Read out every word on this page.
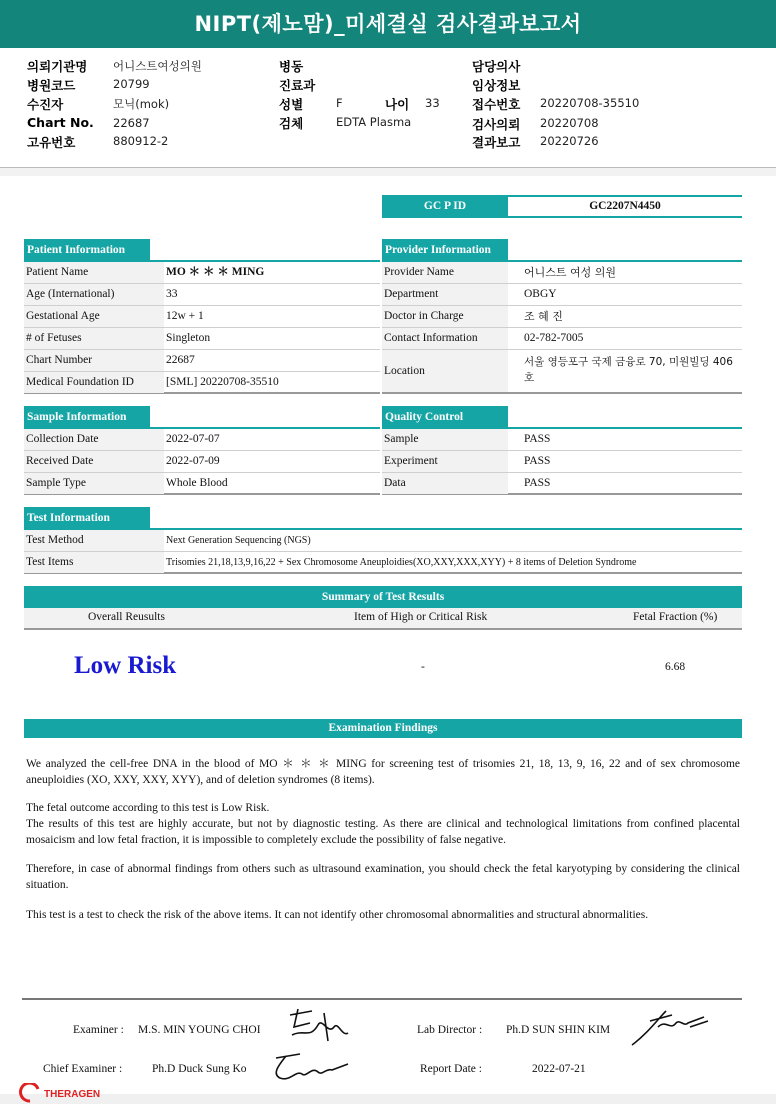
NIPT(제노맘)_미세결실 검사결과보고서
의뢰기관명 어니스트여성의원
병원코드	20799
수진자	모닉(mok)
Chart No. 22687
고유번호	880912-2
병동
진료과
성별	F	나이 33
검체	EDTA Plasma
담당의사
임상정보
접수번호 20220708-35510
검사의뢰 20220708
결과보고 20220726
GC P ID	GC2207N4450
Patient Information
Patient Name	MO ＊ ＊ ＊ MING
Age (International)	33
Gestational Age	12w + 1
# of Fetuses	Singleton
Chart Number	22687
Medical Foundation ID	[SML] 20220708-35510
Provider Information
Provider Name	어니스트 여성 의원
Department	OBGY
Doctor in Charge	조 혜 진
Contact Information	02-782-7005
Location
서울 영등포구 국제 금융로 70, 미원빌딩 406호
Sample Information
Collection Date	2022-07-07
Received Date	2022-07-09
Sample Type	Whole Blood
Quality Control
Sample	PASS
Experiment	PASS
Data	PASS
Test Information
Test Method	Next Generation Sequencing (NGS)
Test Items	Trisomies 21,18,13,9,16,22 + Sex Chromosome Aneuploidies(XO,XXY,XXX,XYY) + 8 items of Deletion Syndrome
Summary of Test Results
Overall Reusults	Item of High or Critical Risk	Fetal Fraction (%)
Low Risk	-	6.68
Examination Findings

We analyzed the cell-free DNA in the blood of MO ＊ ＊ ＊ MING for screening test of trisomies 21, 18, 13, 9, 16, 22 and of sex chromosome aneuploidies (XO, XXY, XXY, XYY), and of deletion syndromes (8 items).

The fetal outcome according to this test is Low Risk.

The results of this test are highly accurate, but not by diagnostic testing. As there are clinical and technological limitations from confined placental mosaicism and low fetal fraction, it is impossible to completely exclude the possibility of false negative.

Therefore, in case of abnormal findings from others such as ultrasound examination, you should check the fetal karyotyping by considering the clinical situation.

This test is a test to check the risk of the above items. It can not identify other chromosomal abnormalities and structural abnormalities.

Examiner : M.S. MIN YOUNG CHOI	Lab Director : Ph.D SUN SHIN KIM
Chief Examiner :	Ph.D Duck Sung Ko	Report Date :	2022-07-21
THERAGEN
